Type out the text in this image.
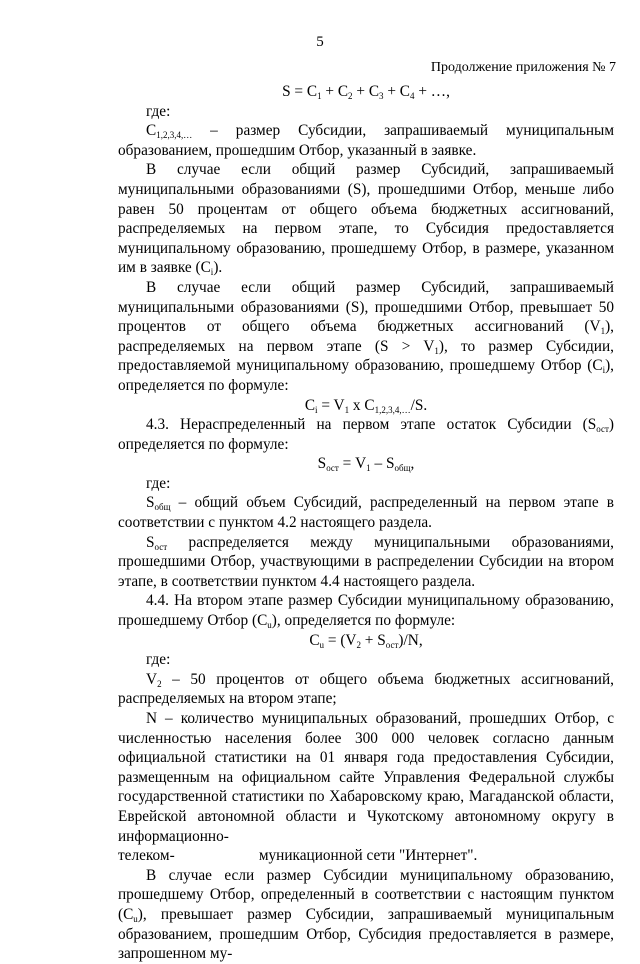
5
Продолжение приложения № 7

$S = C_1 + C_2 + C_3 + C_4$ + …,

где:

$C_{1,2,3,4,\dots}$ – размер Субсидии, запрашиваемый муниципальным образованием, прошедшим Отбор, указанный в заявке.

В случае если общий размер Субсидий, запрашиваемый муниципальными образованиями (S), прошедшими Отбор, меньше либо равен 50 процентам от общего объема бюджетных ассигнований, распределяемых на первом этапе, то Субсидия предоставляется муниципальному образованию, прошедшему Отбор, в размере, указанном им в заявке $(C_i)$.

В случае если общий размер Субсидий, запрашиваемый муниципальными образованиями (S), прошедшими Отбор, превышает 50 процентов от общего объема бюджетных ассигнований $(V_1)$, распределяемых на первом этапе $(S > V_1)$, то размер Субсидии, предоставляемой муниципальному образованию, прошедшему Отбор $(C_i)$, определяется по формуле:

$C_i = V_1$ x $C_{1,2,3,4,\dots}/S$.

4.3. Нераспределенный на первом этапе остаток Субсидии $(S_{ост})$ определяется по формуле:

$S_{ост} = V_1 - S_{общ}$,

где:

$S_{общ}$ – общий объем Субсидий, распределенный на первом этапе в соответствии с пунктом 4.2 настоящего раздела.

$S_{ост}$ распределяется между муниципальными образованиями, прошедшими Отбор, участвующими в распределении Субсидии на втором этапе, в соответствии пунктом 4.4 настоящего раздела.

4.4. На втором этапе размер Субсидии муниципальному образованию, прошедшему Отбор $(C_u)$, определяется по формуле:

$C_u = (V_2 + S_{ост})/N$,

где:

$V_2 - 50$ процентов от общего объема бюджетных ассигнований, распределяемых на втором этапе;

N – количество муниципальных образований, прошедших Отбор, с численностью населения более 300 000 человек согласно данным официальной статистики на 01 января года предоставления Субсидии, размещенным на официальном сайте Управления Федеральной службы государственной статистики по Хабаровскому краю, Магаданской области, Еврейской автономной области и Чукотскому автономному округу в информационно-

телеком-                      муникационной сети "Интернет".

В случае если размер Субсидии муниципальному образованию, прошедшему Отбор, определенный в соответствии с настоящим пунктом $(C_u)$, превышает размер Субсидии, запрашиваемый муниципальным образованием, прошедшим Отбор, Субсидия предоставляется в размере, запрошенном му-
